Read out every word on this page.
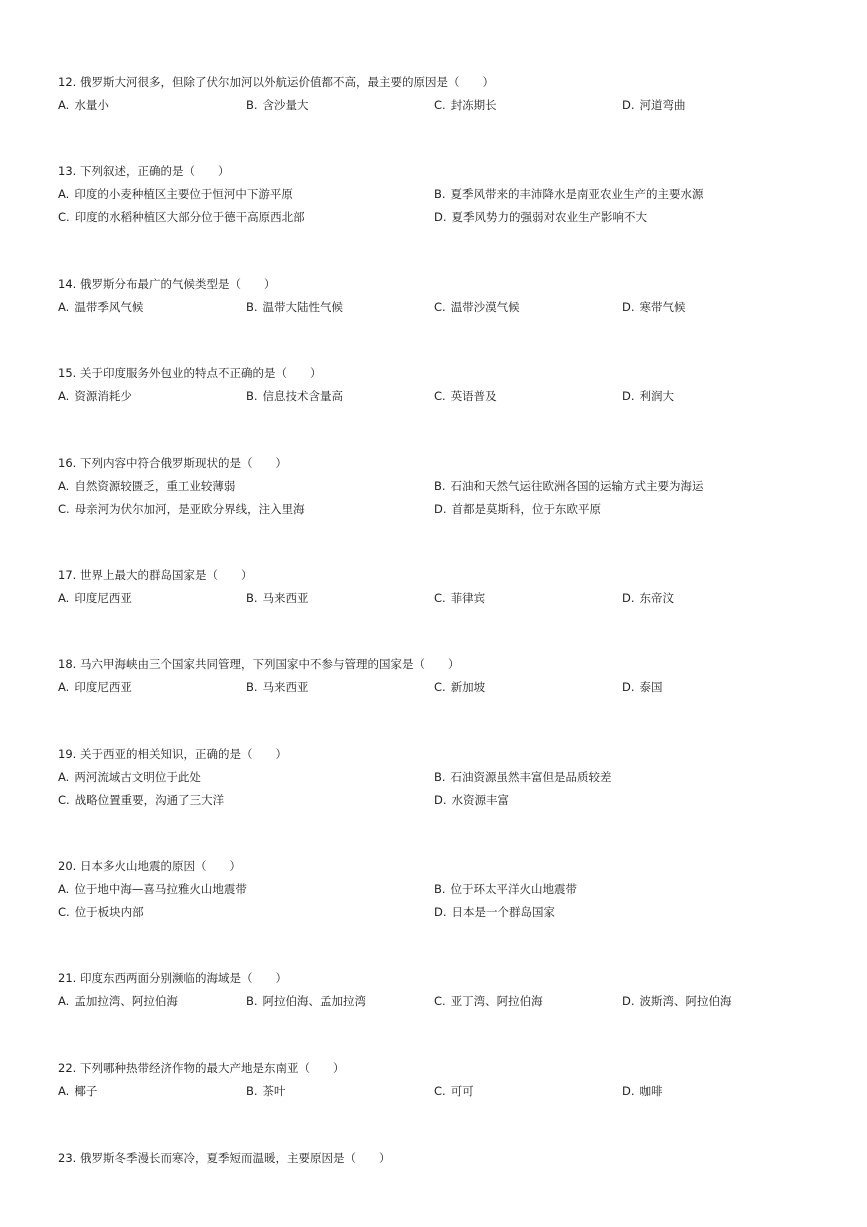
12. 俄罗斯大河很多，但除了伏尔加河以外航运价值都不高，最主要的原因是（　　）
A. 水量小	B. 含沙量大	C. 封冻期长	D. 河道弯曲
13. 下列叙述，正确的是（　　）
A. 印度的小麦种植区主要位于恒河中下游平原	B. 夏季风带来的丰沛降水是南亚农业生产的主要水源
C. 印度的水稻种植区大部分位于德干高原西北部	D. 夏季风势力的强弱对农业生产影响不大
14. 俄罗斯分布最广的气候类型是（　　）
A. 温带季风气候	B. 温带大陆性气候	C. 温带沙漠气候	D. 寒带气候
15. 关于印度服务外包业的特点不正确的是（　　）
A. 资源消耗少	B. 信息技术含量高	C. 英语普及	D. 利润大
16. 下列内容中符合俄罗斯现状的是（　　）
A. 自然资源较匮乏，重工业较薄弱	B. 石油和天然气运往欧洲各国的运输方式主要为海运
C. 母亲河为伏尔加河，是亚欧分界线，注入里海	D. 首都是莫斯科，位于东欧平原
17. 世界上最大的群岛国家是（　　）
A. 印度尼西亚	B. 马来西亚	C. 菲律宾	D. 东帝汶
18. 马六甲海峡由三个国家共同管理，下列国家中不参与管理的国家是（　　）
A. 印度尼西亚	B. 马来西亚	C. 新加坡	D. 泰国
19. 关于西亚的相关知识，正确的是（　　）
A. 两河流域古文明位于此处	B. 石油资源虽然丰富但是品质较差
C. 战略位置重要，沟通了三大洋	D. 水资源丰富
20. 日本多火山地震的原因（　　）
A. 位于地中海—喜马拉雅火山地震带	B. 位于环太平洋火山地震带
C. 位于板块内部	D. 日本是一个群岛国家
21. 印度东西两面分别濒临的海域是（　　）
A. 孟加拉湾、阿拉伯海	B. 阿拉伯海、孟加拉湾	C. 亚丁湾、阿拉伯海	D. 波斯湾、阿拉伯海
22. 下列哪种热带经济作物的最大产地是东南亚（　　）
A. 椰子	B. 茶叶	C. 可可	D. 咖啡
23. 俄罗斯冬季漫长而寒冷，夏季短而温暖，主要原因是（　　）
